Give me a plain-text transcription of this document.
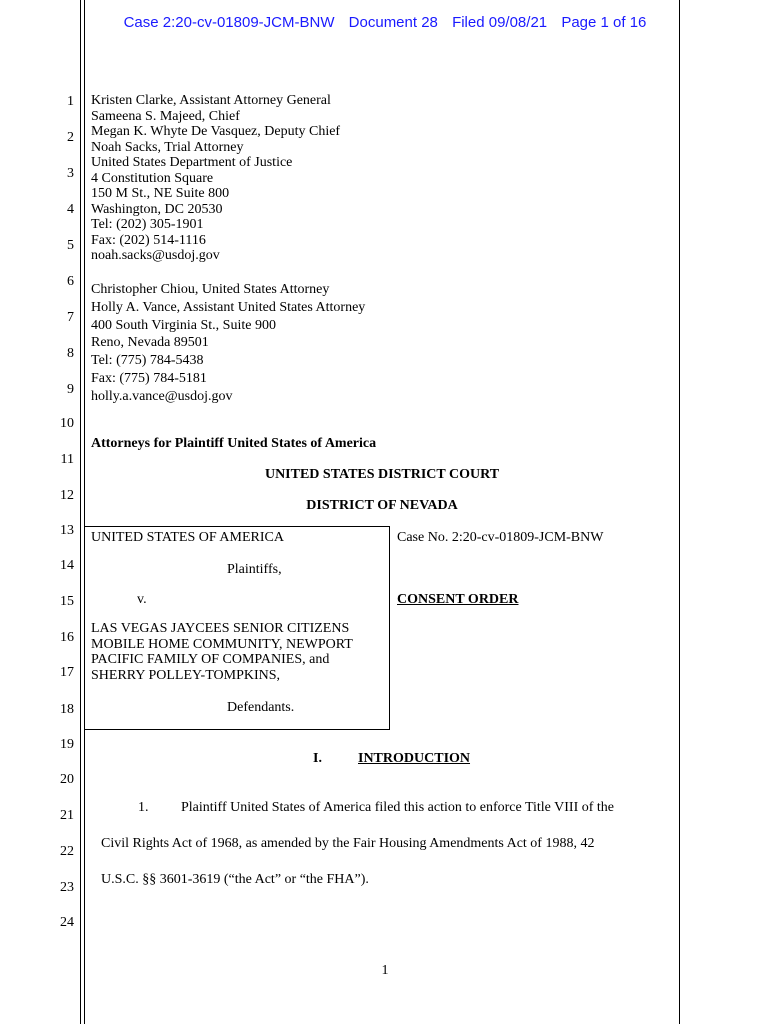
Case 2:20-cv-01809-JCM-BNW Document 28 Filed 09/08/21 Page 1 of 16
1
2
3
4
5
6
7
8
9
10
11
12
13
14
15
16
17
18
19
20
21
22
23
24
Kristen Clarke, Assistant Attorney General
Sameena S. Majeed, Chief
Megan K. Whyte De Vasquez, Deputy Chief
Noah Sacks, Trial Attorney
United States Department of Justice
4 Constitution Square
150 M St., NE Suite 800
Washington, DC 20530
Tel: (202) 305-1901
Fax: (202) 514-1116
noah.sacks@usdoj.gov
Christopher Chiou, United States Attorney
Holly A. Vance, Assistant United States Attorney
400 South Virginia St., Suite 900
Reno, Nevada 89501
Tel: (775) 784-5438
Fax: (775) 784-5181
holly.a.vance@usdoj.gov
Attorneys for Plaintiff United States of America
UNITED STATES DISTRICT COURT
DISTRICT OF NEVADA
UNITED STATES OF AMERICA
Plaintiffs,
v.
LAS VEGAS JAYCEES SENIOR CITIZENS
MOBILE HOME COMMUNITY, NEWPORT
PACIFIC FAMILY OF COMPANIES, and
SHERRY POLLEY-TOMPKINS,
Defendants.
Case No. 2:20-cv-01809-JCM-BNW
CONSENT ORDER
I.	INTRODUCTION
1. Plaintiff United States of America filed this action to enforce Title VIII of the
Civil Rights Act of 1968, as amended by the Fair Housing Amendments Act of 1988, 42
U.S.C. §§ 3601-3619 (“the Act” or “the FHA”).
1
